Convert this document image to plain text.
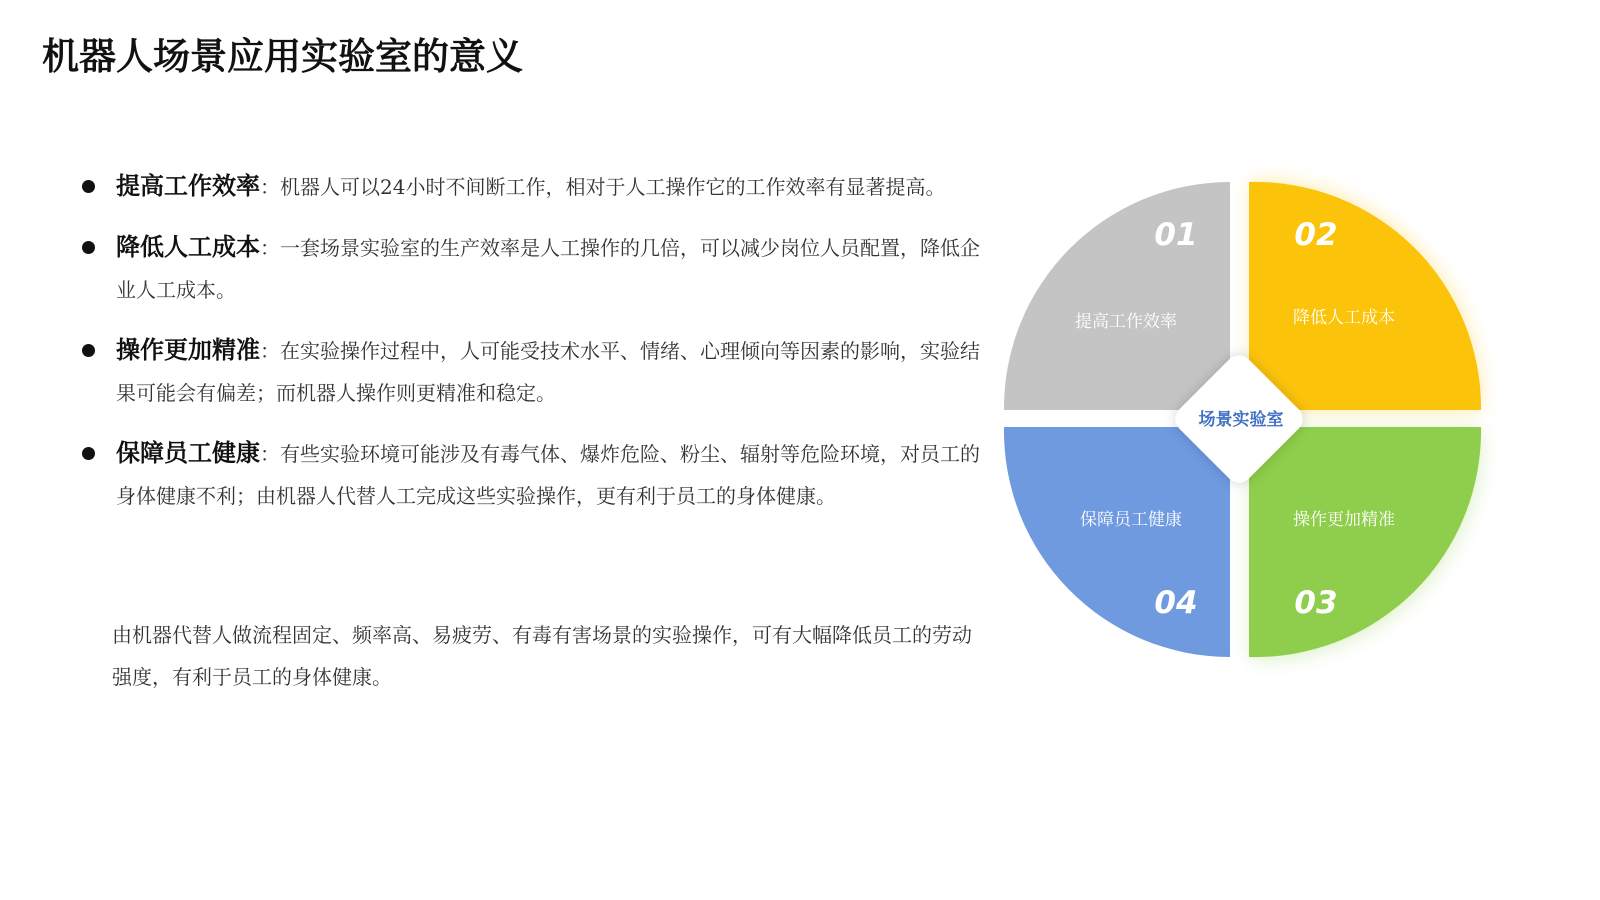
机器人场景应用实验室的意义
提高工作效率：机器人可以24小时不间断工作，相对于人工操作它的工作效率有显著提高。
降低人工成本：一套场景实验室的生产效率是人工操作的几倍，可以减少岗位人员配置，降低企业人工成本。
操作更加精准：在实验操作过程中，人可能受技术水平、情绪、心理倾向等因素的影响，实验结果可能会有偏差；而机器人操作则更精准和稳定。
保障员工健康：有些实验环境可能涉及有毒气体、爆炸危险、粉尘、辐射等危险环境，对员工的身体健康不利；由机器人代替人工完成这些实验操作，更有利于员工的身体健康。

由机器代替人做流程固定、频率高、易疲劳、有毒有害场景的实验操作，可有大幅降低员工的劳动强度，有利于员工的身体健康。

场景实验室
01	02
03
04
提高工作效率	降低人工成本
操作更加精准
保障员工健康
